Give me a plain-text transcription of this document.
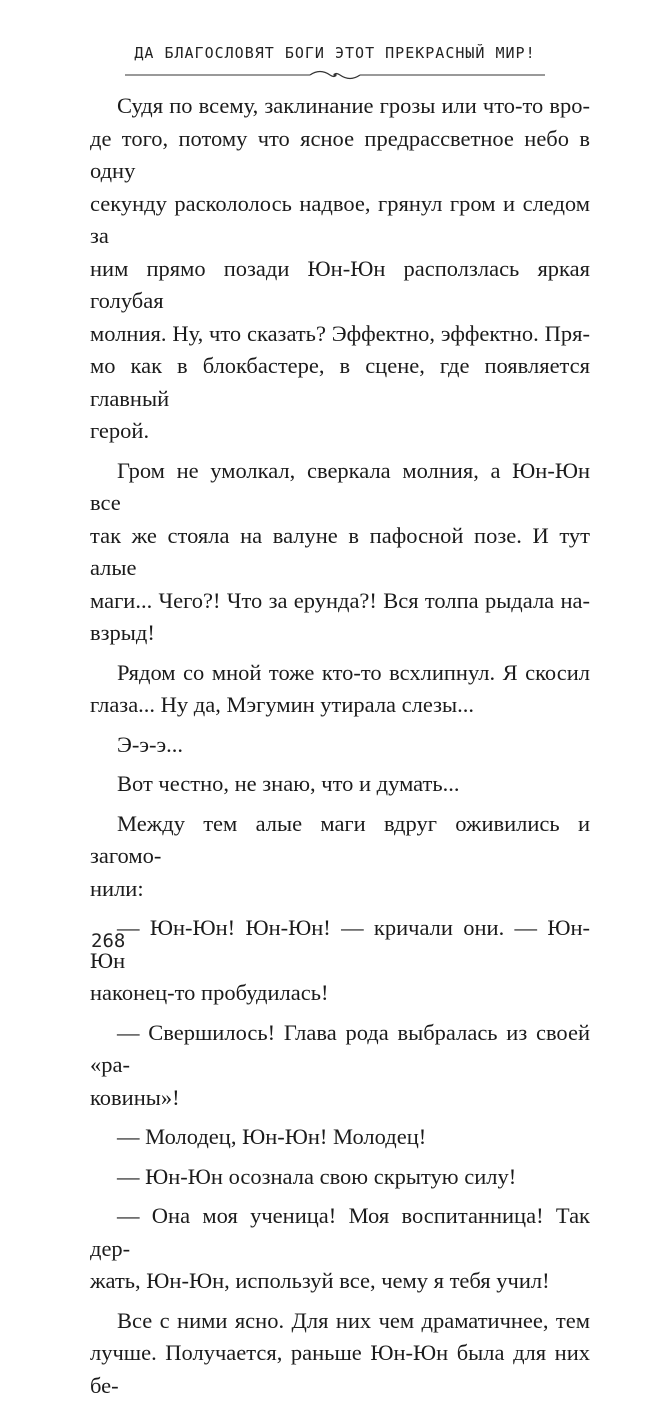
ДА БЛАГОСЛОВЯТ БОГИ ЭТОТ ПРЕКРАСНЫЙ МИР!
Судя по всему, заклинание грозы или что-то вро-
де того, потому что ясное предрассветное небо в одну
секунду раскололось надвое, грянул гром и следом за
ним прямо позади Юн-Юн расползлась яркая голубая
молния. Ну, что сказать? Эффектно, эффектно. Пря-
мо как в блокбастере, в сцене, где появляется главный
герой.
Гром не умолкал, сверкала молния, а Юн-Юн все
так же стояла на валуне в пафосной позе. И тут алые
маги... Чего?! Что за ерунда?! Вся толпа рыдала на-
взрыд!
Рядом со мной тоже кто-то всхлипнул. Я скосил
глаза... Ну да, Мэгумин утирала слезы...
Э-э-э...
Вот честно, не знаю, что и думать...
Между тем алые маги вдруг оживились и загомо-
нили:
— Юн-Юн! Юн-Юн! — кричали они. — Юн-Юн
наконец-то пробудилась!
— Свершилось! Глава рода выбралась из своей «ра-
ковины»!
— Молодец, Юн-Юн! Молодец!
— Юн-Юн осознала свою скрытую силу!
— Она моя ученица! Моя воспитанница! Так дер-
жать, Юн-Юн, используй все, чему я тебя учил!
Все с ними ясно. Для них чем драматичнее, тем
лучше. Получается, раньше Юн-Юн была для них бе-
268
